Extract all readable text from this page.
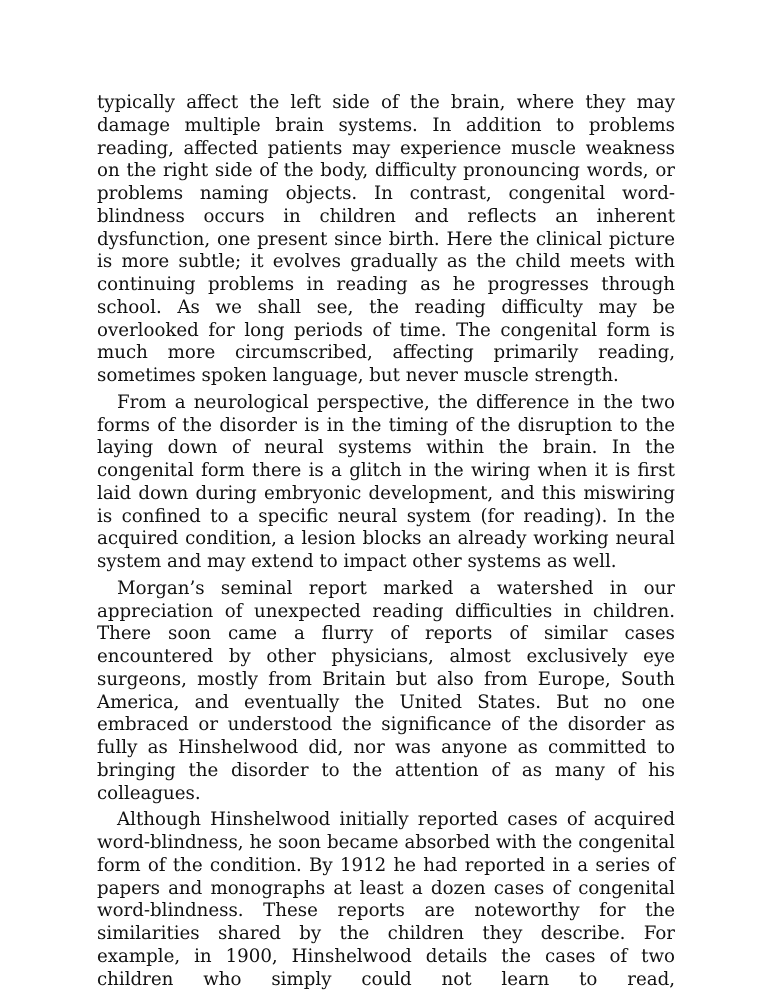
typically affect the left side of the brain, where they may damage multiple brain systems. In addition to problems reading, affected patients may experience muscle weakness on the right side of the body, difficulty pronouncing words, or problems naming objects. In contrast, congenital word-blindness occurs in children and reflects an inherent dysfunction, one present since birth. Here the clinical picture is more subtle; it evolves gradually as the child meets with continuing problems in reading as he progresses through school. As we shall see, the reading difficulty may be overlooked for long periods of time. The congenital form is much more circumscribed, affecting primarily reading, sometimes spoken language, but never muscle strength.

From a neurological perspective, the difference in the two forms of the disorder is in the timing of the disruption to the laying down of neural systems within the brain. In the congenital form there is a glitch in the wiring when it is first laid down during embryonic development, and this miswiring is confined to a specific neural system (for reading). In the acquired condition, a lesion blocks an already working neural system and may extend to impact other systems as well.

Morgan’s seminal report marked a watershed in our appreciation of unexpected reading difficulties in children. There soon came a flurry of reports of similar cases encountered by other physicians, almost exclusively eye surgeons, mostly from Britain but also from Europe, South America, and eventually the United States. But no one embraced or understood the significance of the disorder as fully as Hinshelwood did, nor was anyone as committed to bringing the disorder to the attention of as many of his colleagues.

Although Hinshelwood initially reported cases of acquired word-blindness, he soon became absorbed with the congenital form of the condition. By 1912 he had reported in a series of papers and monographs at least a dozen cases of congenital word-blindness. These reports are noteworthy for the similarities shared by the children they describe. For example, in 1900, Hinshelwood details the cases of two children who simply could not learn to read,
